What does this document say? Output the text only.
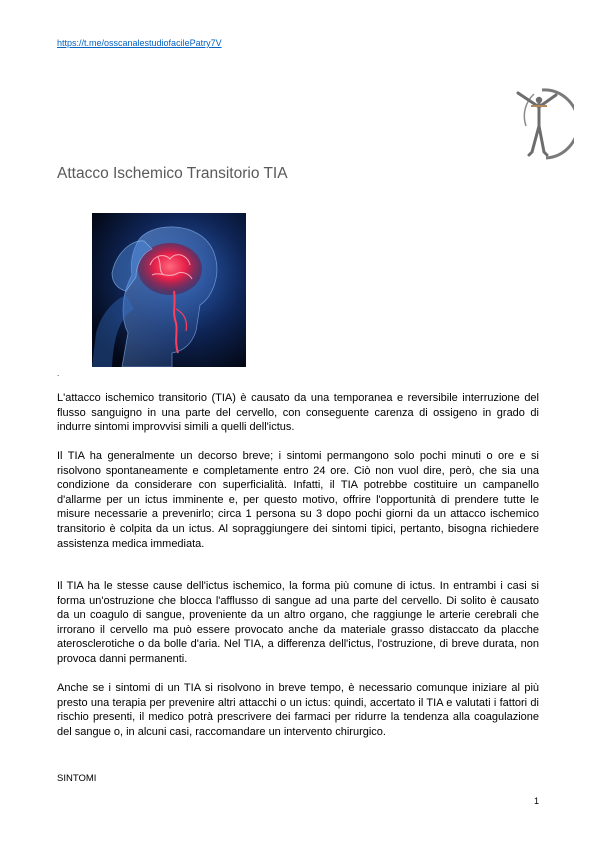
https://t.me/osscanalestudiofacilePatry7V
Attacco Ischemico Transitorio TIA
.

L'attacco ischemico transitorio (TIA) è causato da una temporanea e reversibile interruzione del flusso sanguigno in una parte del cervello, con conseguente carenza di ossigeno in grado di indurre sintomi improvvisi simili a quelli dell'ictus.

Il TIA ha generalmente un decorso breve; i sintomi permangono solo pochi minuti o ore e si risolvono spontaneamente e completamente entro 24 ore. Ciò non vuol dire, però, che sia una condizione da considerare con superficialità. Infatti, il TIA potrebbe costituire un campanello d'allarme per un ictus imminente e, per questo motivo, offrire l'opportunità di prendere tutte le misure necessarie a prevenirlo; circa 1 persona su 3 dopo pochi giorni da un attacco ischemico transitorio è colpita da un ictus. Al sopraggiungere dei sintomi tipici, pertanto, bisogna richiedere assistenza medica immediata.

Il TIA ha le stesse cause dell'ictus ischemico, la forma più comune di ictus. In entrambi i casi si forma un'ostruzione che blocca l'afflusso di sangue ad una parte del cervello. Di solito è causato da un coagulo di sangue, proveniente da un altro organo, che raggiunge le arterie cerebrali che irrorano il cervello ma può essere provocato anche da materiale grasso distaccato da placche aterosclerotiche o da bolle d'aria. Nel TIA, a differenza dell'ictus, l'ostruzione, di breve durata, non provoca danni permanenti.

Anche se i sintomi di un TIA si risolvono in breve tempo, è necessario comunque iniziare al più presto una terapia per prevenire altri attacchi o un ictus: quindi, accertato il TIA e valutati i fattori di rischio presenti, il medico potrà prescrivere dei farmaci per ridurre la tendenza alla coagulazione del sangue o, in alcuni casi, raccomandare un intervento chirurgico.

SINTOMI
1
